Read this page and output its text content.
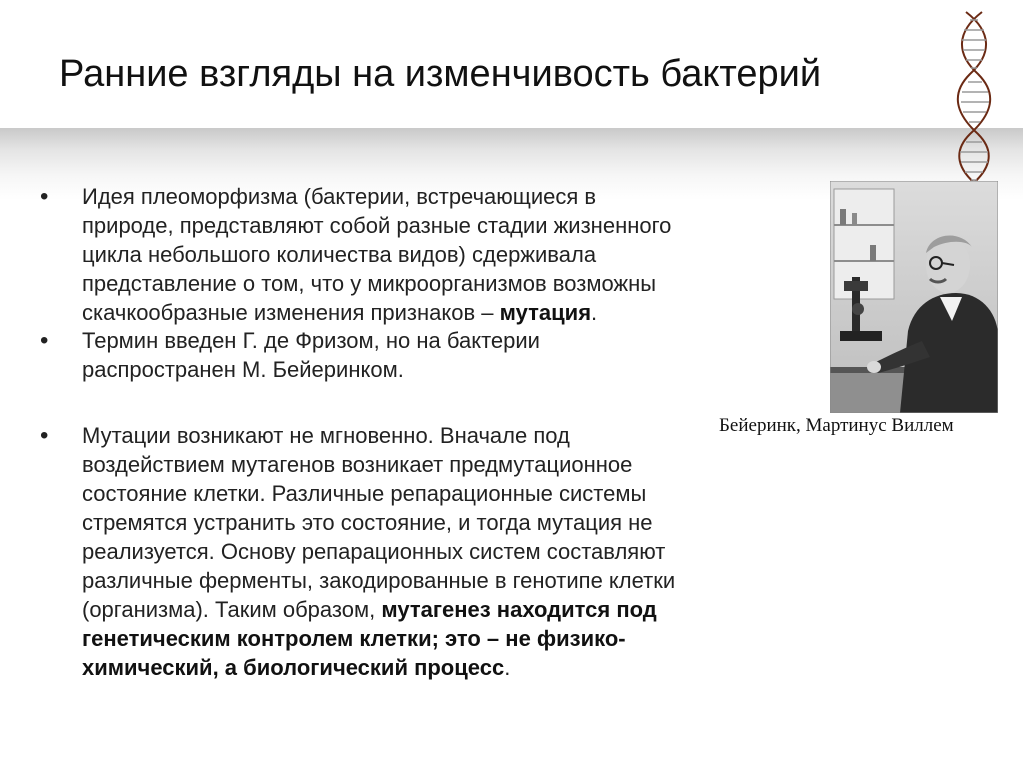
Ранние взгляды на изменчивость бактерий
• Идея плеоморфизма (бактерии, встречающиеся в
природе, представляют собой разные стадии жизненного
цикла небольшого количества видов) сдерживала
представление о том, что у микроорганизмов возможны
скачкообразные изменения признаков – мутация.
• Термин введен Г. де Фризом, но на бактерии
распространен М. Бейеринком.
• Мутации возникают не мгновенно. Вначале под
воздействием мутагенов возникает предмутационное
состояние клетки. Различные репарационные системы
стремятся устранить это состояние, и тогда мутация не
реализуется. Основу репарационных систем составляют
различные ферменты, закодированные в генотипе клетки
(организма). Таким образом, мутагенез находится под
генетическим контролем клетки; это – не физико-
химический, а биологический процесс.
Бейеринк, Мартинус Виллем
